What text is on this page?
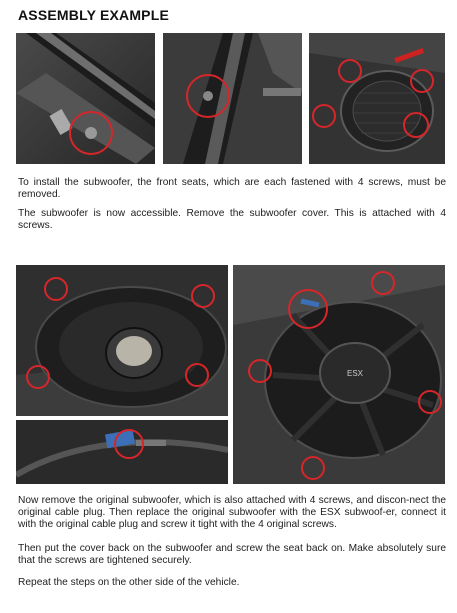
ASSEMBLY EXAMPLE
To install the subwoofer, the front seats, which are each fastened with 4 screws, must be removed.
The subwoofer is now accessible. Remove the subwoofer cover. This is attached with 4 screws.
ESX
Now remove the original subwoofer, which is also attached with 4 screws, and discon-nect the original cable plug. Then replace the original subwoofer with the ESX subwoof-er, connect it with the original cable plug and screw it tight with the 4 original screws.
Then put the cover back on the subwoofer and screw the seat back on. Make absolutely sure that the screws are tightened securely.
Repeat the steps on the other side of the vehicle.
